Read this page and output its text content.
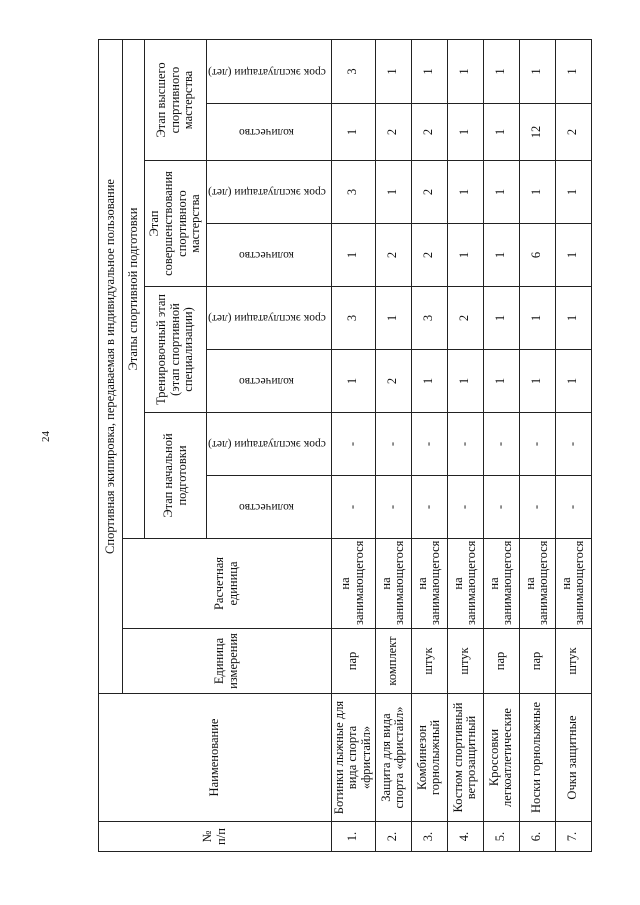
24
№ п/п	Наименование	Спортивная экипировка, передаваемая в индивидуальное пользование									
		Единица измерения	Расчетная единица	Этапы спортивной подготовки							
				Этап начальной подготовки		Тренировочный этап (этап спортивной специализации)		Этап совершенствования спортивного мастерства		Этап высшего спортивного мастерства	
				количество	срок эксплуатации (лет)	количество	срок эксплуатации (лет)	количество	срок эксплуатации (лет)	количество	срок эксплуатации (лет)
1.	Ботинки лыжные для вида спорта «фристайл»	пар	на занимающегося	-	-	1	3	1	3	1	3
2.	Защита для вида спорта «фристайл»	комплект	на занимающегося	-	-	2	1	2	1	2	1
3.	Комбинезон горнолыжный	штук	на занимающегося	-	-	1	3	2	2	2	1
4.	Костюм спортивный ветрозащитный	штук	на занимающегося	-	-	1	2	1	1	1	1
5.	Кроссовки легкоатлетические	пар	на занимающегося	-	-	1	1	1	1	1	1
6.	Носки горнолыжные	пар	на занимающегося	-	-	1	1	6	1	12	1
7.	Очки защитные	штук	на занимающегося	-	-	1	1	1	1	2	1
